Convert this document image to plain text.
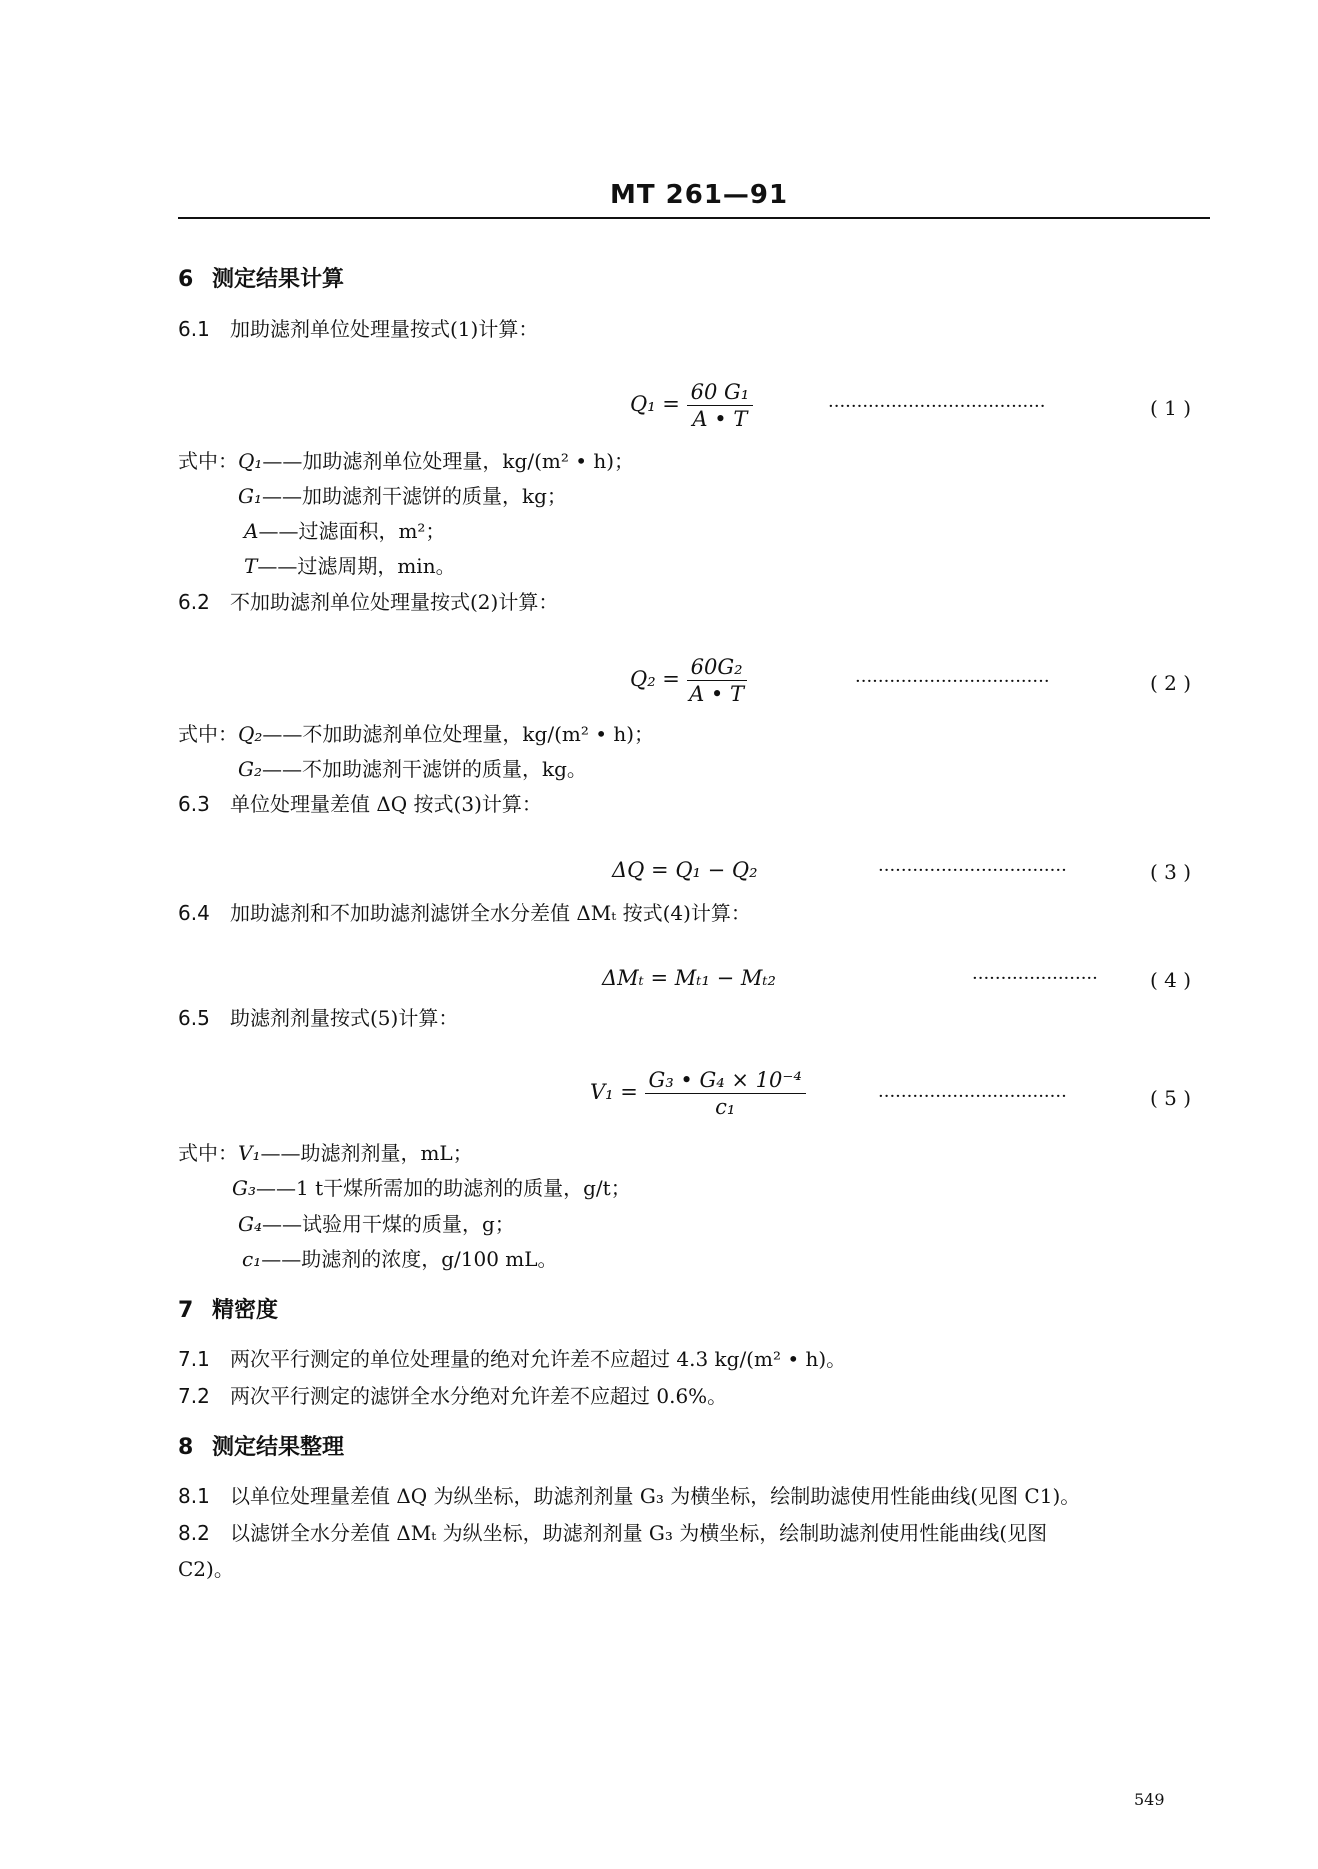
MT 261—91
6 测定结果计算
6.1 加助滤剂单位处理量按式(1)计算：
$Q_1 = \frac{\text{60 G₁}}{A • T}$	······································	( 1 )
式中：Q₁——加助滤剂单位处理量，kg/(m² • h)；
G₁——加助滤剂干滤饼的质量，kg；
A——过滤面积，m²；
T——过滤周期，min。
6.2 不加助滤剂单位处理量按式(2)计算：
$Q_2 = \frac{\text{60G₂}}{A • T}$	··································	( 2 )
式中：Q₂——不加助滤剂单位处理量，kg/(m² • h)；
G₂——不加助滤剂干滤饼的质量，kg。
6.3 单位处理量差值 ΔQ 按式(3)计算：
ΔQ = Q₁ − Q₂	·································	( 3 )
6.4 加助滤剂和不加助滤剂滤饼全水分差值 ΔMₜ 按式(4)计算：
ΔMₜ = Mₜ₁ − Mₜ₂	······················	( 4 )
6.5 助滤剂剂量按式(5)计算：
$V_1 = \frac{\text{G₃ • G₄ × 10⁻⁴}}{\text{c₁}}$	·································	( 5 )
式中：V₁——助滤剂剂量，mL；
G₃——1 t干煤所需加的助滤剂的质量，g/t；
G₄——试验用干煤的质量，g；
c₁——助滤剂的浓度，g/100 mL。
7 精密度
7.1 两次平行测定的单位处理量的绝对允许差不应超过 4.3 kg/(m² • h)。
7.2 两次平行测定的滤饼全水分绝对允许差不应超过 0.6%。
8 测定结果整理
8.1 以单位处理量差值 ΔQ 为纵坐标，助滤剂剂量 G₃ 为横坐标，绘制助滤使用性能曲线(见图 C1)。
8.2 以滤饼全水分差值 ΔMₜ 为纵坐标，助滤剂剂量 G₃ 为横坐标，绘制助滤剂使用性能曲线(见图
C2)。
549
